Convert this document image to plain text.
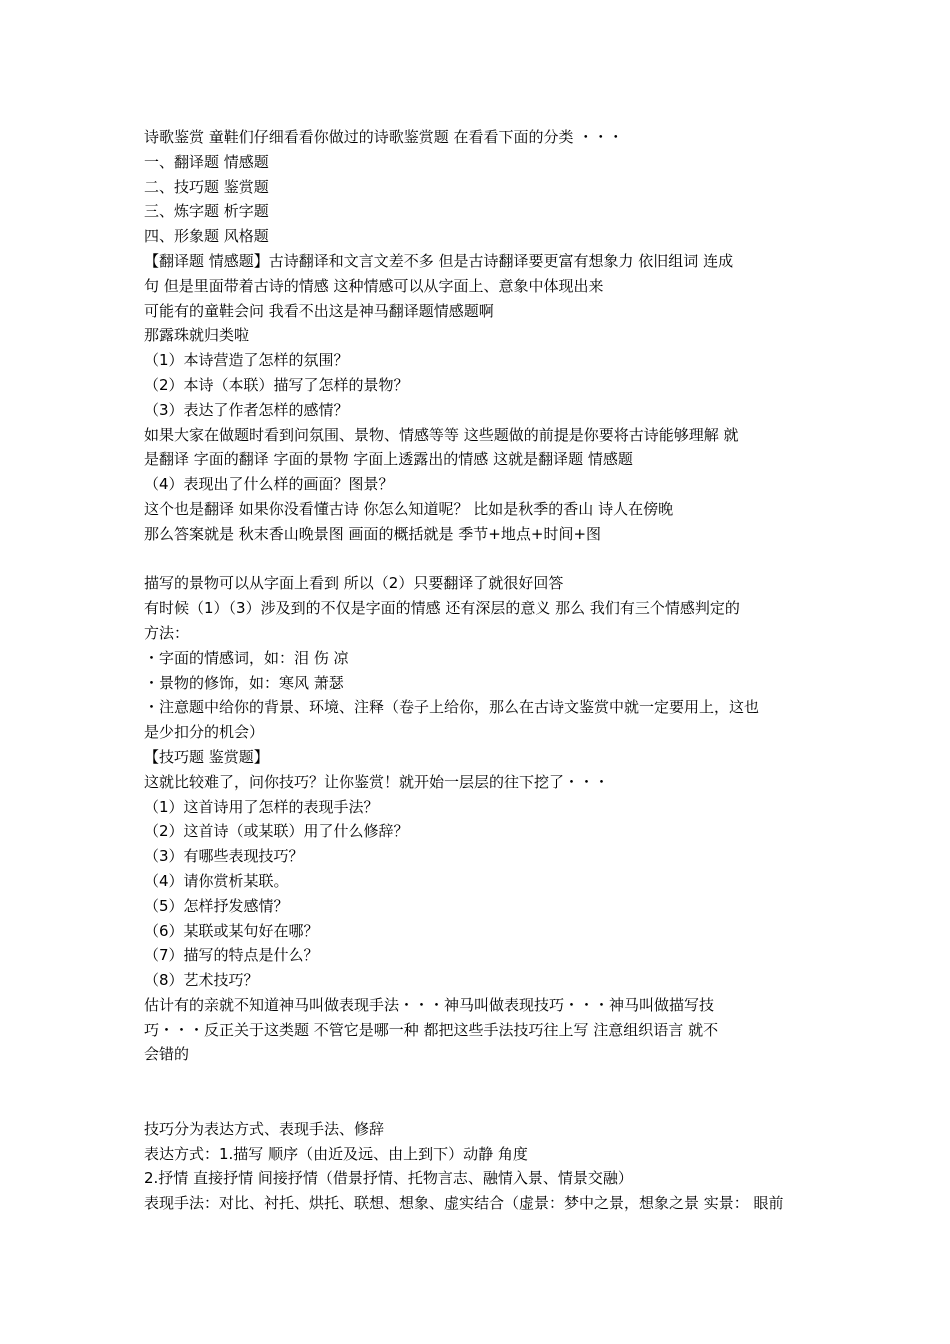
诗歌鉴赏 童鞋们仔细看看你做过的诗歌鉴赏题 在看看下面的分类 ・・・
一、翻译题 情感题
二、技巧题 鉴赏题
三、炼字题 析字题
四、形象题 风格题
【翻译题 情感题】古诗翻译和文言文差不多 但是古诗翻译要更富有想象力 依旧组词 连成
句 但是里面带着古诗的情感 这种情感可以从字面上、意象中体现出来
可能有的童鞋会问 我看不出这是神马翻译题情感题啊
那露珠就归类啦
（1）本诗营造了怎样的氛围？
（2）本诗（本联）描写了怎样的景物？
（3）表达了作者怎样的感情？
如果大家在做题时看到问氛围、景物、情感等等 这些题做的前提是你要将古诗能够理解 就
是翻译 字面的翻译 字面的景物 字面上透露出的情感 这就是翻译题 情感题
（4）表现出了什么样的画面？图景？
这个也是翻译 如果你没看懂古诗 你怎么知道呢？ 比如是秋季的香山 诗人在傍晚
那么答案就是 秋末香山晚景图 画面的概括就是 季节+地点+时间+图
描写的景物可以从字面上看到 所以（2）只要翻译了就很好回答
有时候（1）（3）涉及到的不仅是字面的情感 还有深层的意义 那么 我们有三个情感判定的
方法：
・字面的情感词，如：泪 伤 凉
・景物的修饰，如：寒风 萧瑟
・注意题中给你的背景、环境、注释（卷子上给你，那么在古诗文鉴赏中就一定要用上，这也
是少扣分的机会）
【技巧题 鉴赏题】
这就比较难了，问你技巧？让你鉴赏！就开始一层层的往下挖了・・・
（1）这首诗用了怎样的表现手法？
（2）这首诗（或某联）用了什么修辞？
（3）有哪些表现技巧？
（4）请你赏析某联。
（5）怎样抒发感情？
（6）某联或某句好在哪？
（7）描写的特点是什么？
（8）艺术技巧？
估计有的亲就不知道神马叫做表现手法・・・神马叫做表现技巧・・・神马叫做描写技
巧・・・反正关于这类题 不管它是哪一种 都把这些手法技巧往上写 注意组织语言 就不
会错的
技巧分为表达方式、表现手法、修辞
表达方式：1.描写 顺序（由近及远、由上到下）动静 角度
2.抒情 直接抒情 间接抒情（借景抒情、托物言志、融情入景、情景交融）
表现手法：对比、衬托、烘托、联想、想象、虚实结合（虚景：梦中之景，想象之景 实景： 眼前
